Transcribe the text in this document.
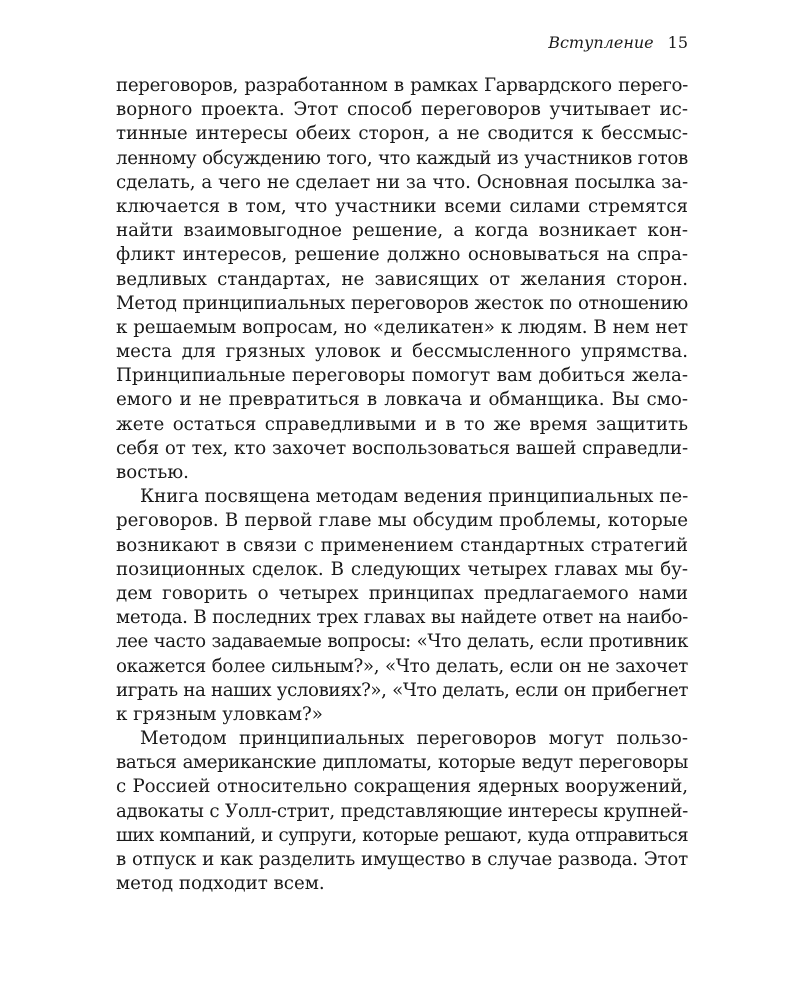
Вступление 15
переговоров, разработанном в рамках Гарвардского перего-
ворного проекта. Этот способ переговоров учитывает ис-
тинные интересы обеих сторон, а не сводится к бессмыс-
ленному обсуждению того, что каждый из участников готов
сделать, а чего не сделает ни за что. Основная посылка за-
ключается в том, что участники всеми силами стремятся
найти взаимовыгодное решение, а когда возникает кон-
фликт интересов, решение должно основываться на спра-
ведливых стандартах, не зависящих от желания сторон.
Метод принципиальных переговоров жесток по отношению
к решаемым вопросам, но «деликатен» к людям. В нем нет
места для грязных уловок и бессмысленного упрямства.
Принципиальные переговоры помогут вам добиться жела-
емого и не превратиться в ловкача и обманщика. Вы смо-
жете остаться справедливыми и в то же время защитить
себя от тех, кто захочет воспользоваться вашей справедли-
востью.
Книга посвящена методам ведения принципиальных пе-
реговоров. В первой главе мы обсудим проблемы, которые
возникают в связи с применением стандартных стратегий
позиционных сделок. В следующих четырех главах мы бу-
дем говорить о четырех принципах предлагаемого нами
метода. В последних трех главах вы найдете ответ на наибо-
лее часто задаваемые вопросы: «Что делать, если противник
окажется более сильным?», «Что делать, если он не захочет
играть на наших условиях?», «Что делать, если он прибегнет
к грязным уловкам?»
Методом принципиальных переговоров могут пользо-
ваться американские дипломаты, которые ведут переговоры
с Россией относительно сокращения ядерных вооружений,
адвокаты с Уолл-стрит, представляющие интересы крупней-
ших компаний, и супруги, которые решают, куда отправиться
в отпуск и как разделить имущество в случае развода. Этот
метод подходит всем.
